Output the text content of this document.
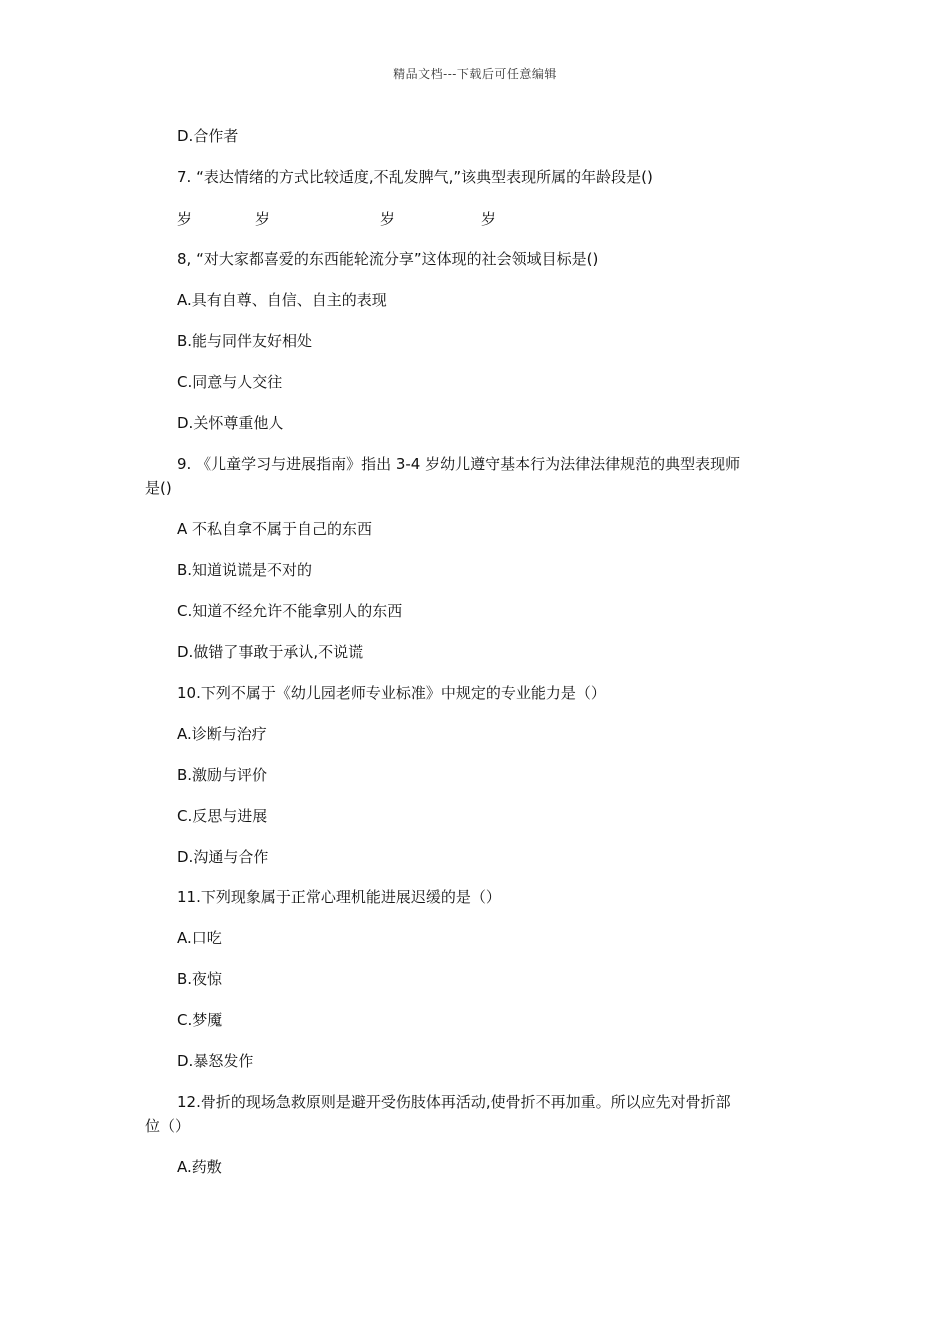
精品文档---下载后可任意编辑
D.合作者
7. “表达情绪的方式比较适度,不乱发脾气,”该典型表现所属的年龄段是()
岁	岁	岁	岁
8, “对大家都喜爱的东西能轮流分享”这体现的社会领域目标是()
A.具有自尊、自信、自主的表现
B.能与同伴友好相处
C.同意与人交往
D.关怀尊重他人
9. 《儿童学习与进展指南》指出 3-4 岁幼儿遵守基本行为法律法律规范的典型表现师
是()
A 不私自拿不属于自己的东西
B.知道说谎是不对的
C.知道不经允许不能拿别人的东西
D.做错了事敢于承认,不说谎
10.下列不属于《幼儿园老师专业标准》中规定的专业能力是（）
A.诊断与治疗
B.激励与评价
C.反思与进展
D.沟通与合作
11.下列现象属于正常心理机能进展迟缓的是（）
A.口吃
B.夜惊
C.梦魇
D.暴怒发作
12.骨折的现场急救原则是避开受伤肢体再活动,使骨折不再加重。所以应先对骨折部
位（）
A.药敷
